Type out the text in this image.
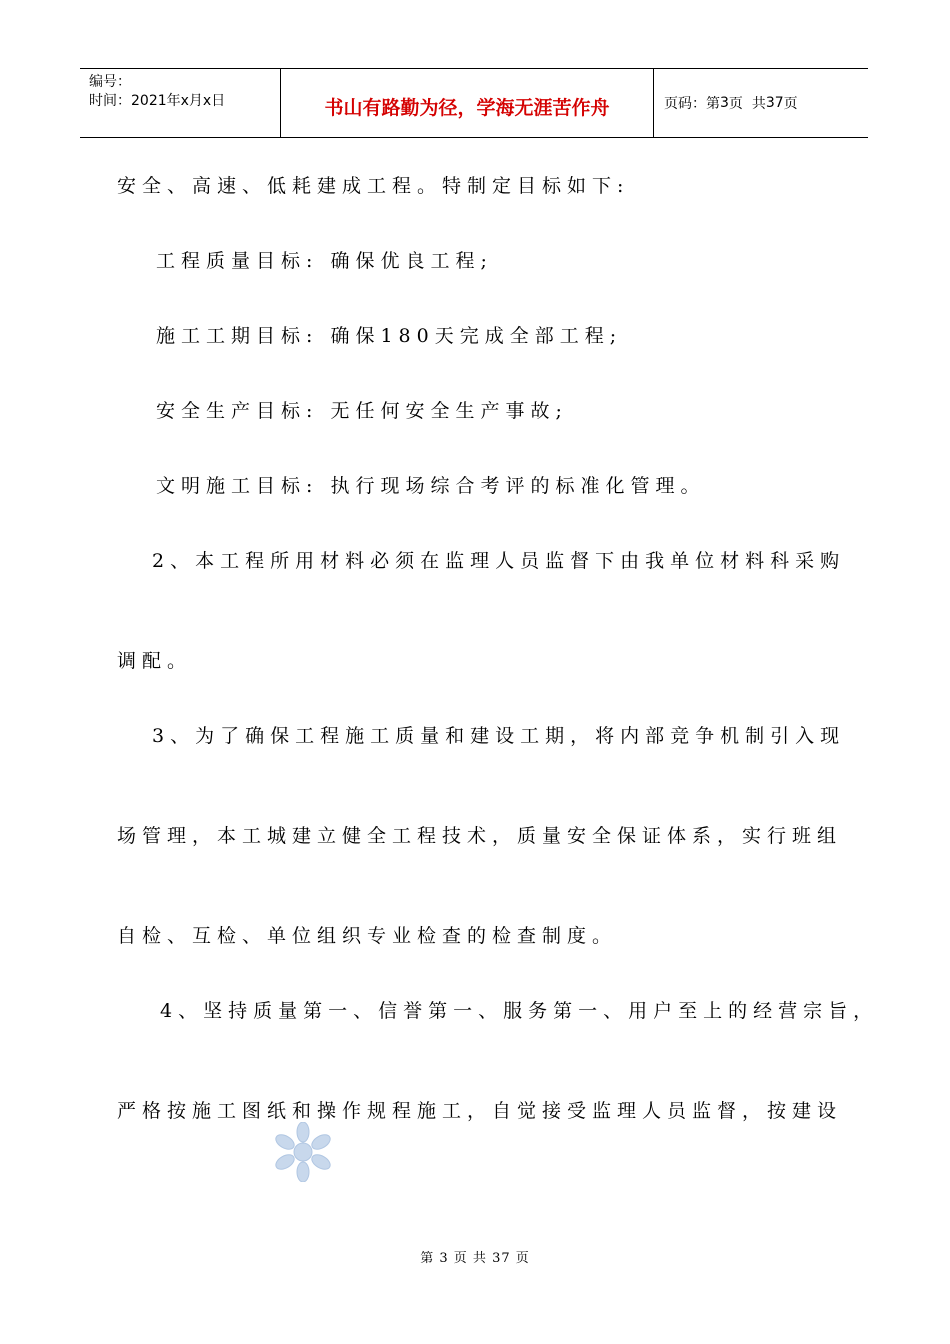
编号：
时间：2021年x月x日	书山有路勤为径，学海无涯苦作舟	页码：第 3 页  共 37 页
安全、高速、低耗建成工程。特制定目标如下:
工程质量目标: 确保优良工程;
施工工期目标: 确保180天完成全部工程;
安全生产目标: 无任何安全生产事故;
文明施工目标: 执行现场综合考评的标准化管理。
2、本工程所用材料必须在监理人员监督下由我单位材料科采购
调配。
3、为了确保工程施工质量和建设工期，将内部竞争机制引入现
场管理，本工城建立健全工程技术，质量安全保证体系，实行班组
自检、互检、单位组织专业检查的检查制度。
4、坚持质量第一、信誉第一、服务第一、用户至上的经营宗旨，
严格按施工图纸和操作规程施工，自觉接受监理人员监督，按建设
第 3 页 共 37 页
